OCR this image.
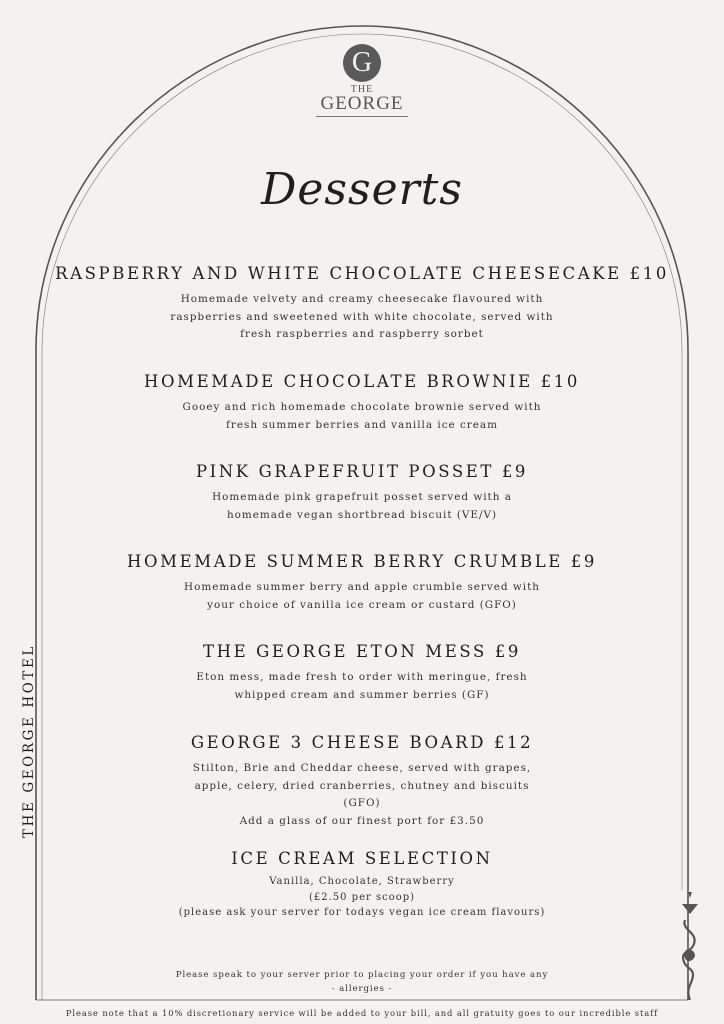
G
THE
GEORGE
Desserts
RASPBERRY AND WHITE CHOCOLATE CHEESECAKE £10
Homemade velvety and creamy cheesecake flavoured with
raspberries and sweetened with white chocolate, served with
fresh raspberries and raspberry sorbet
HOMEMADE CHOCOLATE BROWNIE £10
Gooey and rich homemade chocolate brownie served with
fresh summer berries and vanilla ice cream
PINK GRAPEFRUIT POSSET £9
Homemade pink grapefruit posset served with a
homemade vegan shortbread biscuit (VE/V)
HOMEMADE SUMMER BERRY CRUMBLE £9
Homemade summer berry and apple crumble served with
your choice of vanilla ice cream or custard (GFO)
THE GEORGE ETON MESS £9
Eton mess, made fresh to order with meringue, fresh
whipped cream and summer berries (GF)
GEORGE 3 CHEESE BOARD £12
Stilton, Brie and Cheddar cheese, served with grapes,
apple, celery, dried cranberries, chutney and biscuits
(GFO)
Add a glass of our finest port for £3.50
ICE CREAM SELECTION
Vanilla, Chocolate, Strawberry
(£2.50 per scoop)
(please ask your server for todays vegan ice cream flavours)
THE GEORGE HOTEL
Please speak to your server prior to placing your order if you have any
- allergies -
Please note that a 10% discretionary service will be added to your bill, and all gratuity goes to our incredible staff
